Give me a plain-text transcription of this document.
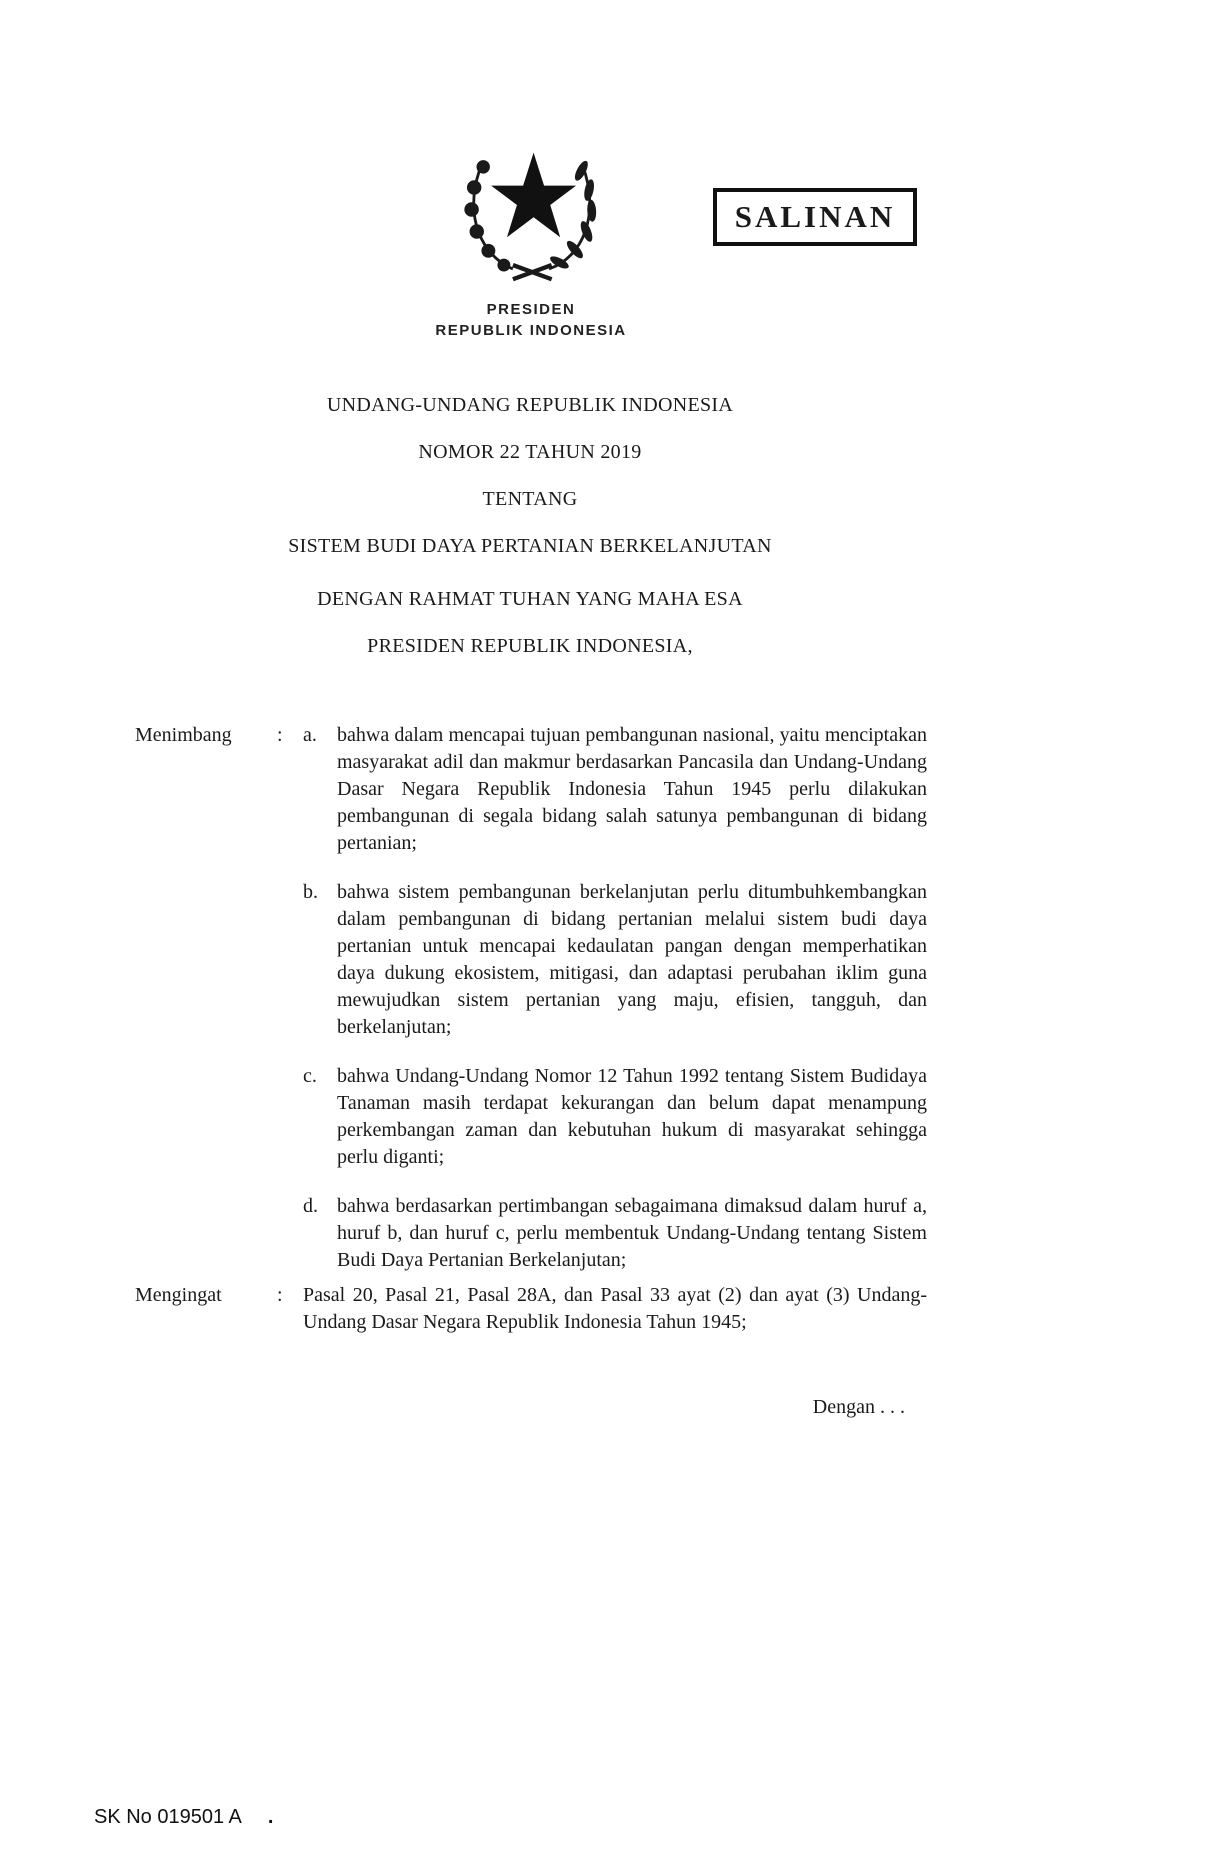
SALINAN
PRESIDEN
REPUBLIK INDONESIA
UNDANG-UNDANG REPUBLIK INDONESIA
NOMOR 22 TAHUN 2019
TENTANG
SISTEM BUDI DAYA PERTANIAN BERKELANJUTAN
DENGAN RAHMAT TUHAN YANG MAHA ESA
PRESIDEN REPUBLIK INDONESIA,
Menimbang	:	a.	bahwa dalam mencapai tujuan pembangunan nasional, yaitu menciptakan masyarakat adil dan makmur berdasarkan Pancasila dan Undang-Undang Dasar Negara Republik Indonesia Tahun 1945 perlu dilakukan pembangunan di segala bidang salah satunya pembangunan di bidang pertanian;
b. bahwa sistem pembangunan berkelanjutan perlu ditumbuhkembangkan dalam pembangunan di bidang pertanian melalui sistem budi daya pertanian untuk mencapai kedaulatan pangan dengan memperhatikan daya dukung ekosistem, mitigasi, dan adaptasi perubahan iklim guna mewujudkan sistem pertanian yang maju, efisien, tangguh, dan berkelanjutan;
c.	bahwa Undang-Undang Nomor 12 Tahun 1992 tentang Sistem Budidaya Tanaman masih terdapat kekurangan dan belum dapat menampung perkembangan zaman dan kebutuhan hukum di masyarakat sehingga perlu diganti;
d. bahwa berdasarkan pertimbangan sebagaimana dimaksud dalam huruf a, huruf b, dan huruf c, perlu membentuk Undang-Undang tentang Sistem Budi Daya Pertanian Berkelanjutan;
Mengingat	:	Pasal 20, Pasal 21, Pasal 28A, dan Pasal 33 ayat (2) dan ayat (3) Undang-Undang Dasar Negara Republik Indonesia Tahun 1945;
Dengan . . .
SK No 019501 A .
